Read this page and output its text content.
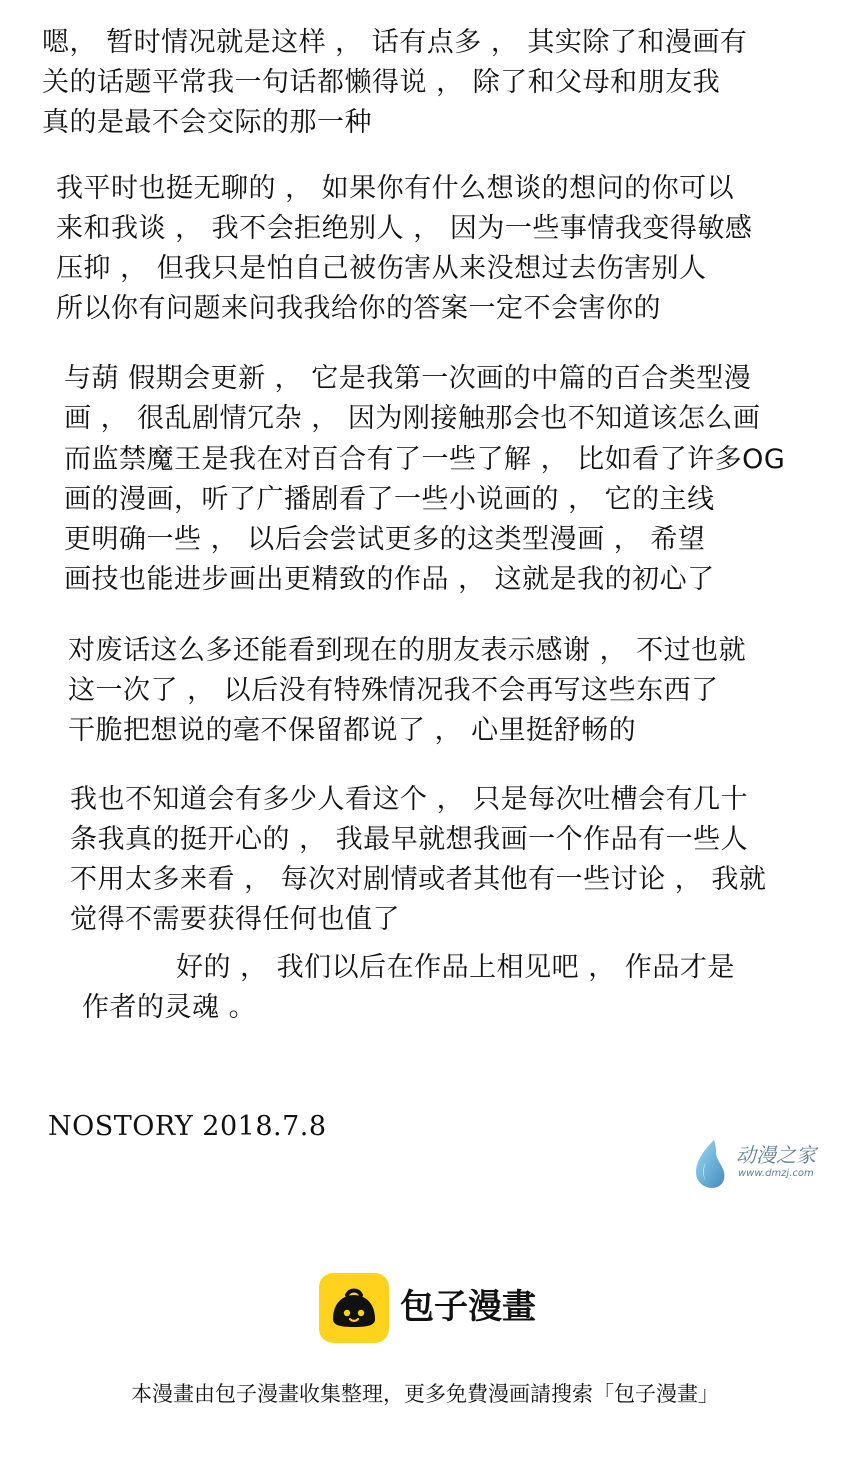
嗯， 暂时情况就是这样 ， 话有点多 ， 其实除了和漫画有
关的话题平常我一句话都懒得说 ， 除了和父母和朋友我
真的是最不会交际的那一种
我平时也挺无聊的 ， 如果你有什么想谈的想问的你可以
来和我谈 ， 我不会拒绝别人 ， 因为一些事情我变得敏感
压抑 ， 但我只是怕自己被伤害从来没想过去伤害别人
所以你有问题来问我我给你的答案一定不会害你的
与葫 假期会更新 ， 它是我第一次画的中篇的百合类型漫
画 ， 很乱剧情冗杂 ， 因为刚接触那会也不知道该怎么画
而监禁魔王是我在对百合有了一些了解 ， 比如看了许多OG
画的漫画，听了广播剧看了一些小说画的 ， 它的主线
更明确一些 ， 以后会尝试更多的这类型漫画 ， 希望
画技也能进步画出更精致的作品 ， 这就是我的初心了
对废话这么多还能看到现在的朋友表示感谢 ， 不过也就
这一次了 ， 以后没有特殊情况我不会再写这些东西了
干脆把想说的毫不保留都说了 ， 心里挺舒畅的
我也不知道会有多少人看这个 ， 只是每次吐槽会有几十
条我真的挺开心的 ， 我最早就想我画一个作品有一些人
不用太多来看 ， 每次对剧情或者其他有一些讨论 ， 我就
觉得不需要获得任何也值了
好的 ， 我们以后在作品上相见吧 ， 作品才是
作者的灵魂 。
NOSTORY 2018.7.8
动漫之家
www.dmzj.com
包子漫畫
本漫畫由包子漫畫收集整理，更多免費漫画請搜索「包子漫畫」
